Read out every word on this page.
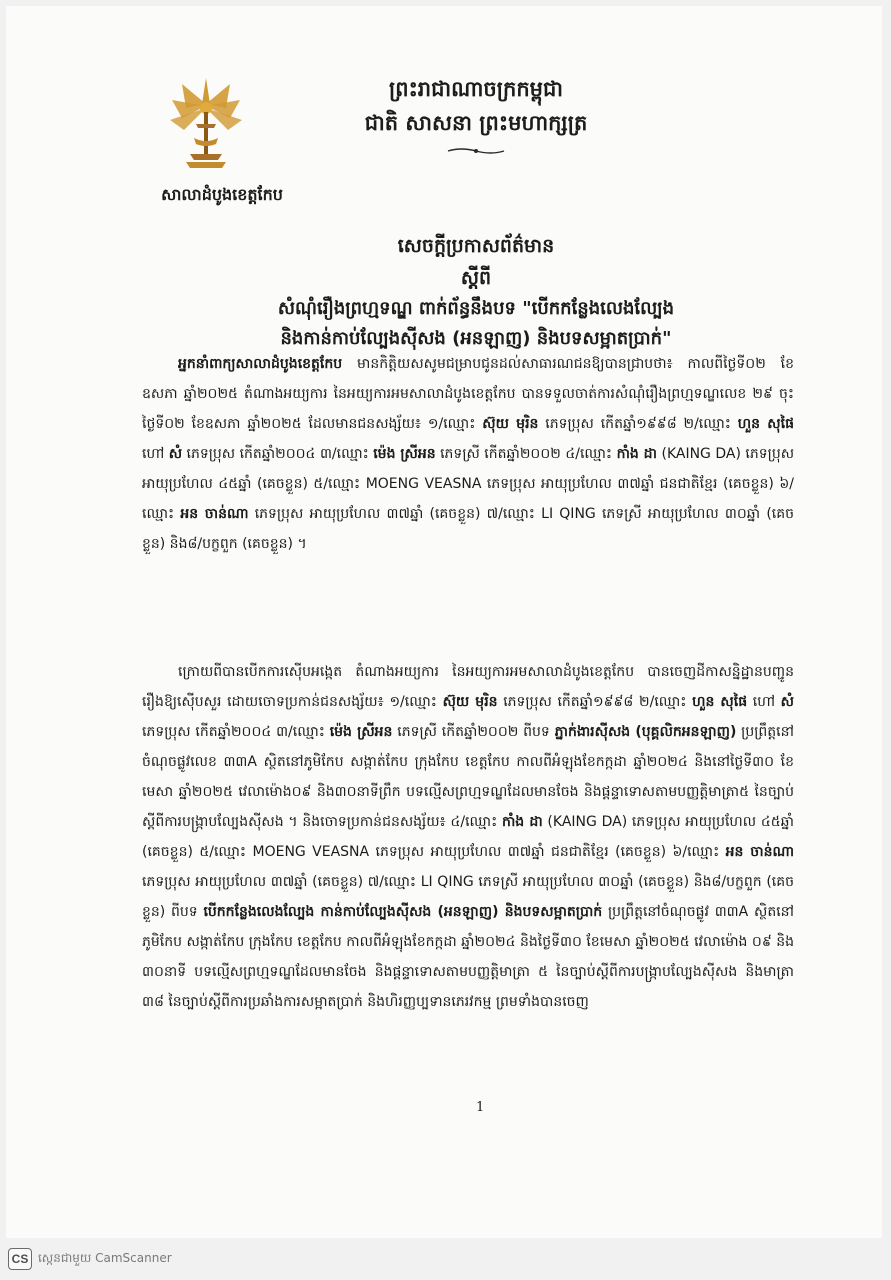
ព្រះរាជាណាចក្រកម្ពុជា
ជាតិ សាសនា ព្រះមហាក្សត្រ
សាលាដំបូងខេត្តកែប
សេចក្តីប្រកាសព័ត៌មាន
ស្តីពី
សំណុំរឿងព្រហ្មទណ្ឌ ពាក់ព័ន្ធនឹងបទ "បើកកន្លែងលេងល្បែង
និងកាន់កាប់ល្បែងស៊ីសង (អនឡាញ) និងបទសម្អាតប្រាក់"

អ្នកនាំពាក្យសាលាដំបូងខេត្តកែប មានកិត្តិយសសូមជម្រាបជូនដល់សាធារណជនឱ្យបានជ្រាបថា៖ កាលពីថ្ងៃទី០២ ខែឧសភា ឆ្នាំ២០២៥ តំណាងអយ្យការ នៃអយ្យការអមសាលាដំបូងខេត្តកែប បានទទួលចាត់ការសំណុំរឿងព្រហ្មទណ្ឌលេខ ២៩ ចុះថ្ងៃទី០២ ខែឧសភា ឆ្នាំ២០២៥ ដែលមានជនសង្ស័យ៖ ១/ឈ្មោះ ស៊ុយ មុរិន ភេទប្រុស កើតឆ្នាំ១៩៩៨ ២/ឈ្មោះ ហួន សុផៃ ហៅ សំ ភេទប្រុស កើតឆ្នាំ២០០៤ ៣/ឈ្មោះ ម៉េង ស្រីអន ភេទស្រី កើតឆ្នាំ២០០២ ៤/ឈ្មោះ កាំង ដា (KAING DA) ភេទប្រុស អាយុប្រហែល ៤៥ឆ្នាំ (គេចខ្លួន) ៥/ឈ្មោះ MOENG VEASNA ភេទប្រុស អាយុប្រហែល ៣៧ឆ្នាំ ជនជាតិខ្មែរ (គេចខ្លួន) ៦/ឈ្មោះ អន ចាន់ណា ភេទប្រុស អាយុប្រហែល ៣៧ឆ្នាំ (គេចខ្លួន) ៧/ឈ្មោះ LI QING ភេទស្រី អាយុប្រហែល ៣០ឆ្នាំ (គេចខ្លួន) និង៨/បក្ខពួក (គេចខ្លួន) ។

ក្រោយពីបានបើកការស៊ើបអង្កេត តំណាងអយ្យការ នៃអយ្យការអមសាលាដំបូងខេត្តកែប បានចេញដីកាសន្និដ្ឋានបញ្ជូនរឿងឱ្យស៊ើបសួរ ដោយចោទប្រកាន់ជនសង្ស័យ៖ ១/ឈ្មោះ ស៊ុយ មុរិន ភេទប្រុស កើតឆ្នាំ១៩៩៨ ២/ឈ្មោះ ហួន សុផៃ ហៅ សំ ភេទប្រុស កើតឆ្នាំ២០០៤ ៣/ឈ្មោះ ម៉េង ស្រីអន ភេទស្រី កើតឆ្នាំ២០០២ ពីបទ ភ្នាក់ងារស៊ីសង (បុគ្គលិកអនឡាញ) ប្រព្រឹត្តនៅចំណុចផ្លូវលេខ ៣៣A ស្ថិតនៅភូមិកែប សង្កាត់កែប ក្រុងកែប ខេត្តកែប កាលពីអំឡុងខែកក្កដា ឆ្នាំ២០២៤ និងនៅថ្ងៃទី៣០ ខែមេសា ឆ្នាំ២០២៥ វេលាម៉ោង០៩ និង៣០នាទីព្រឹក បទល្មើសព្រហ្មទណ្ឌដែលមានចែង និងផ្តន្ទាទោសតាមបញ្ញត្តិមាត្រា៥ នៃច្បាប់ស្តីពីការបង្ក្រាបល្បែងស៊ីសង ។ និងចោទប្រកាន់ជនសង្ស័យ៖ ៤/ឈ្មោះ កាំង ដា (KAING DA) ភេទប្រុស អាយុប្រហែល ៤៥ឆ្នាំ (គេចខ្លួន) ៥/ឈ្មោះ MOENG VEASNA ភេទប្រុស អាយុប្រហែល ៣៧ឆ្នាំ ជនជាតិខ្មែរ (គេចខ្លួន) ៦/ឈ្មោះ អន ចាន់ណា ភេទប្រុស អាយុប្រហែល ៣៧ឆ្នាំ (គេចខ្លួន) ៧/ឈ្មោះ LI QING ភេទស្រី អាយុប្រហែល ៣០ឆ្នាំ (គេចខ្លួន) និង៨/បក្ខពួក (គេចខ្លួន) ពីបទ បើកកន្លែងលេងល្បែង កាន់កាប់ល្បែងស៊ីសង (អនឡាញ) និងបទសម្អាតប្រាក់ ប្រព្រឹត្តនៅចំណុចផ្លូវ ៣៣A ស្ថិតនៅភូមិកែប សង្កាត់កែប ក្រុងកែប ខេត្តកែប កាលពីអំឡុងខែកក្កដា ឆ្នាំ២០២៤ និងថ្ងៃទី៣០ ខែមេសា ឆ្នាំ២០២៥ វេលាម៉ោង ០៩ និង ៣០នាទី បទល្មើសព្រហ្មទណ្ឌដែលមានចែង និងផ្តន្ទាទោសតាមបញ្ញត្តិមាត្រា ៥ នៃច្បាប់ស្តីពីការបង្ក្រាបល្បែងស៊ីសង និងមាត្រា ៣៨ នៃច្បាប់ស្តីពីការប្រឆាំងការសម្អាតប្រាក់ និងហិរញ្ញប្បទានភេរវកម្ម ព្រមទាំងបានចេញ

1
CS ស្កេនជាមួយ CamScanner
